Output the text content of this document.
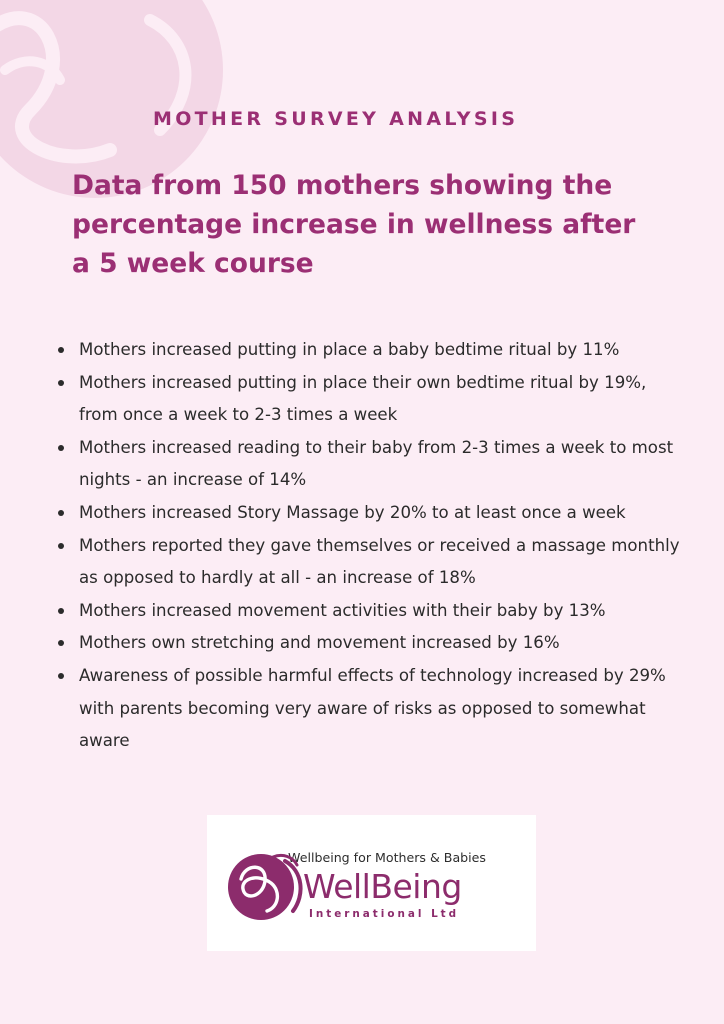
MOTHER SURVEY ANALYSIS
Data from 150 mothers showing the
percentage increase in wellness after
a 5 week course
Mothers increased putting in place a baby bedtime ritual by 11%
Mothers increased putting in place their own bedtime ritual by 19%, from once a week to 2-3 times a week
Mothers increased reading to their baby from 2-3 times a week to most nights - an increase of 14%
Mothers increased Story Massage by 20% to at least once a week
Mothers reported they gave themselves or received a massage monthly as opposed to hardly at all - an increase of 18%
Mothers increased movement activities with their baby by 13%
Mothers own stretching and movement increased by 16%
Awareness of possible harmful effects of technology increased by 29% with parents becoming very aware of risks as opposed to somewhat aware
Wellbeing for Mothers & Babies
WellBeing
International Ltd
